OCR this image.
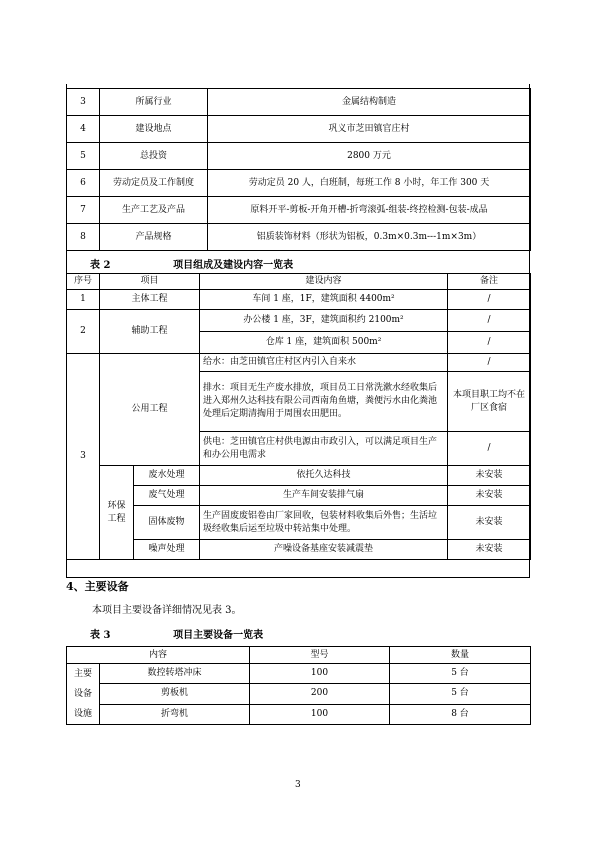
3	所属行业	金属结构制造
4	建设地点	巩义市芝田镇官庄村
5	总投资	2800 万元
6	劳动定员及工作制度	劳动定员 20 人，白班制，每班工作 8 小时，年工作 300 天
7	生产工艺及产品	原料开平-剪板-开角开槽-折弯滚弧-组装-终控检测-包装-成品
8	产品规格	铝质装饰材料（形状为铝板，0.3m×0.3m---1m×3m）
表 2                  项目组成及建设内容一览表
序号	项目		建设内容	备注
1	主体工程		车间 1 座，1F，建筑面积 4400m²	/
2	辅助工程		办公楼 1 座，3F，建筑面积约 2100m²	/
			仓库 1 座，建筑面积 500m²	/
3	公用工程		给水：由芝田镇官庄村区内引入自来水	/
			排水：项目无生产废水排放，项目员工日常洗漱水经收集后进入郑州久达科技有限公司西南角鱼塘，粪便污水由化粪池处理后定期清掏用于周围农田肥田。	本项目职工均不在厂区食宿
			供电：芝田镇官庄村供电源由市政引入，可以满足项目生产和办公用电需求	/
	环保工程	废水处理	依托久达科技	未安装
		废气处理	生产车间安装排气扇	未安装
		固体废物	生产固废废铝卷由厂家回收，包装材料收集后外售；生活垃圾经收集后运至垃圾中转站集中处理。	未安装
		噪声处理	产噪设备基座安装减震垫	未安装
4、主要设备
本项目主要设备详细情况见表 3。
表 3                  项目主要设备一览表
内容		型号	数量
主要设备设施	数控转塔冲床	100	5 台
	剪板机	200	5 台
	折弯机	100	8 台
3
